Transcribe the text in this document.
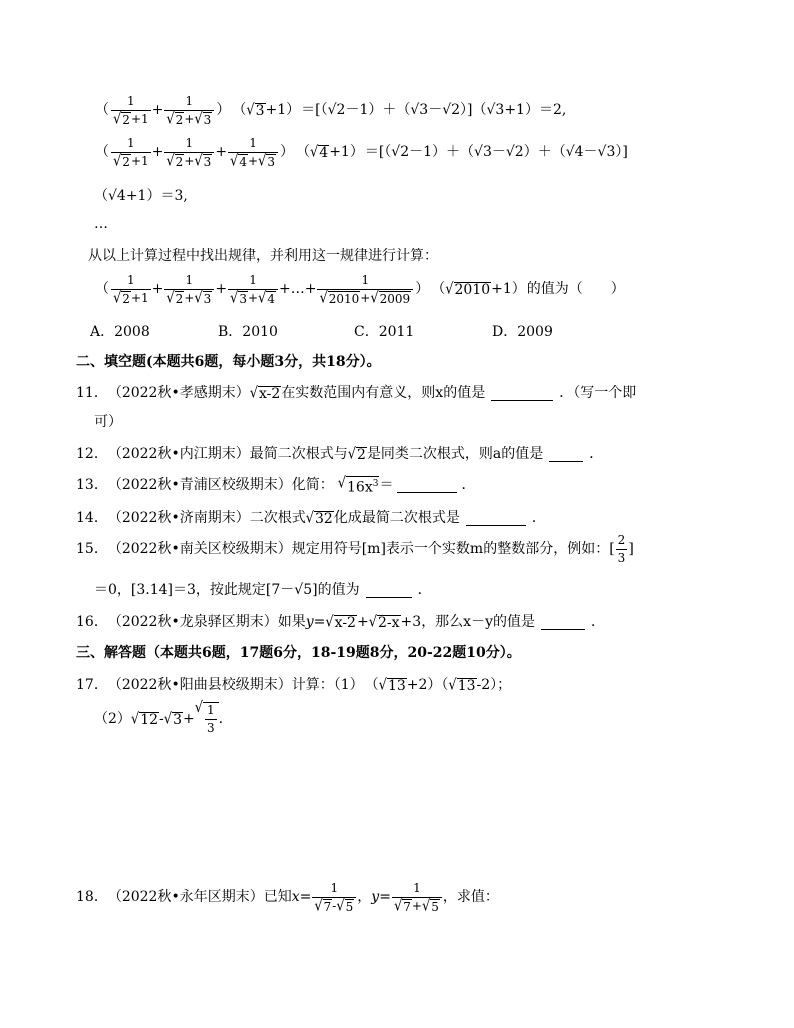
（ $\frac{1}{√ 2 +1} + \frac{1}{√ 2 + √ 3}$ ） （ √ 3 +1） ＝[（√2－1）＋（√3－√2）]（√3+1）＝2,
（ $\frac{1}{√ 2 +1} + \frac{1}{√ 2 + √ 3} + \frac{1}{√ 4 + √ 3}$ ） （ √ 4 +1） ＝[（√2－1）＋（√3－√2）＋（√4－√3）]
（√4+1）＝3,
…
从以上计算过程中找出规律，并利用这一规律进行计算：
（ $\frac{1}{√ 2 +1} + \frac{1}{√ 2 + √ 3} + \frac{1}{√ 3 + √ 4}$ +…+ $\frac{1}{√ 2010 + √ 2009}$ ） （ √ 2010 +1） 的值为（　　）
A．2008	B．2010	C．2011	D．2009
二、填空题(本题共6题，每小题3分，共18分）。
11． （2022秋•孝感期末） √ x-2 在实数范围内有意义，则x的值是	．（写一个即
可）
12． （2022秋•内江期末） 最简二次根式与 √ 2 是同类二次根式，则a的值是	．
13． （2022秋•青浦区校级期末） 化简： √ $16x^3$ ＝	．
14． （2022秋•济南期末） 二次根式 √ 32 化成最简二次根式是	．
15． （2022秋•南关区校级期末） 规定用符号[m]表示一个实数m的整数部分，例如： [ $\frac{2}{3}$ ]
＝0，[3.14]＝3，按此规定[7－√5]的值为	．
16． （2022秋•龙泉驿区期末） 如果 y = √ x-2 + √ 2-x +3 ，那么x－y的值是	．
三、解答题（本题共6题，17题6分，18-19题8分，20-22题10分）。
17． （2022秋•阳曲县校级期末） 计算：（1） （ √ 13 +2）（ √ 13 -2）；
（2） √ 12 - √ 3 +
√ $\frac{1}{3}$ .
18． （2022秋•永年区期末） 已知 $x = \frac{1}{√ 7 - √ 5}$ ， $y = \frac{1}{√ 7 + √ 5}$ ，求值：
